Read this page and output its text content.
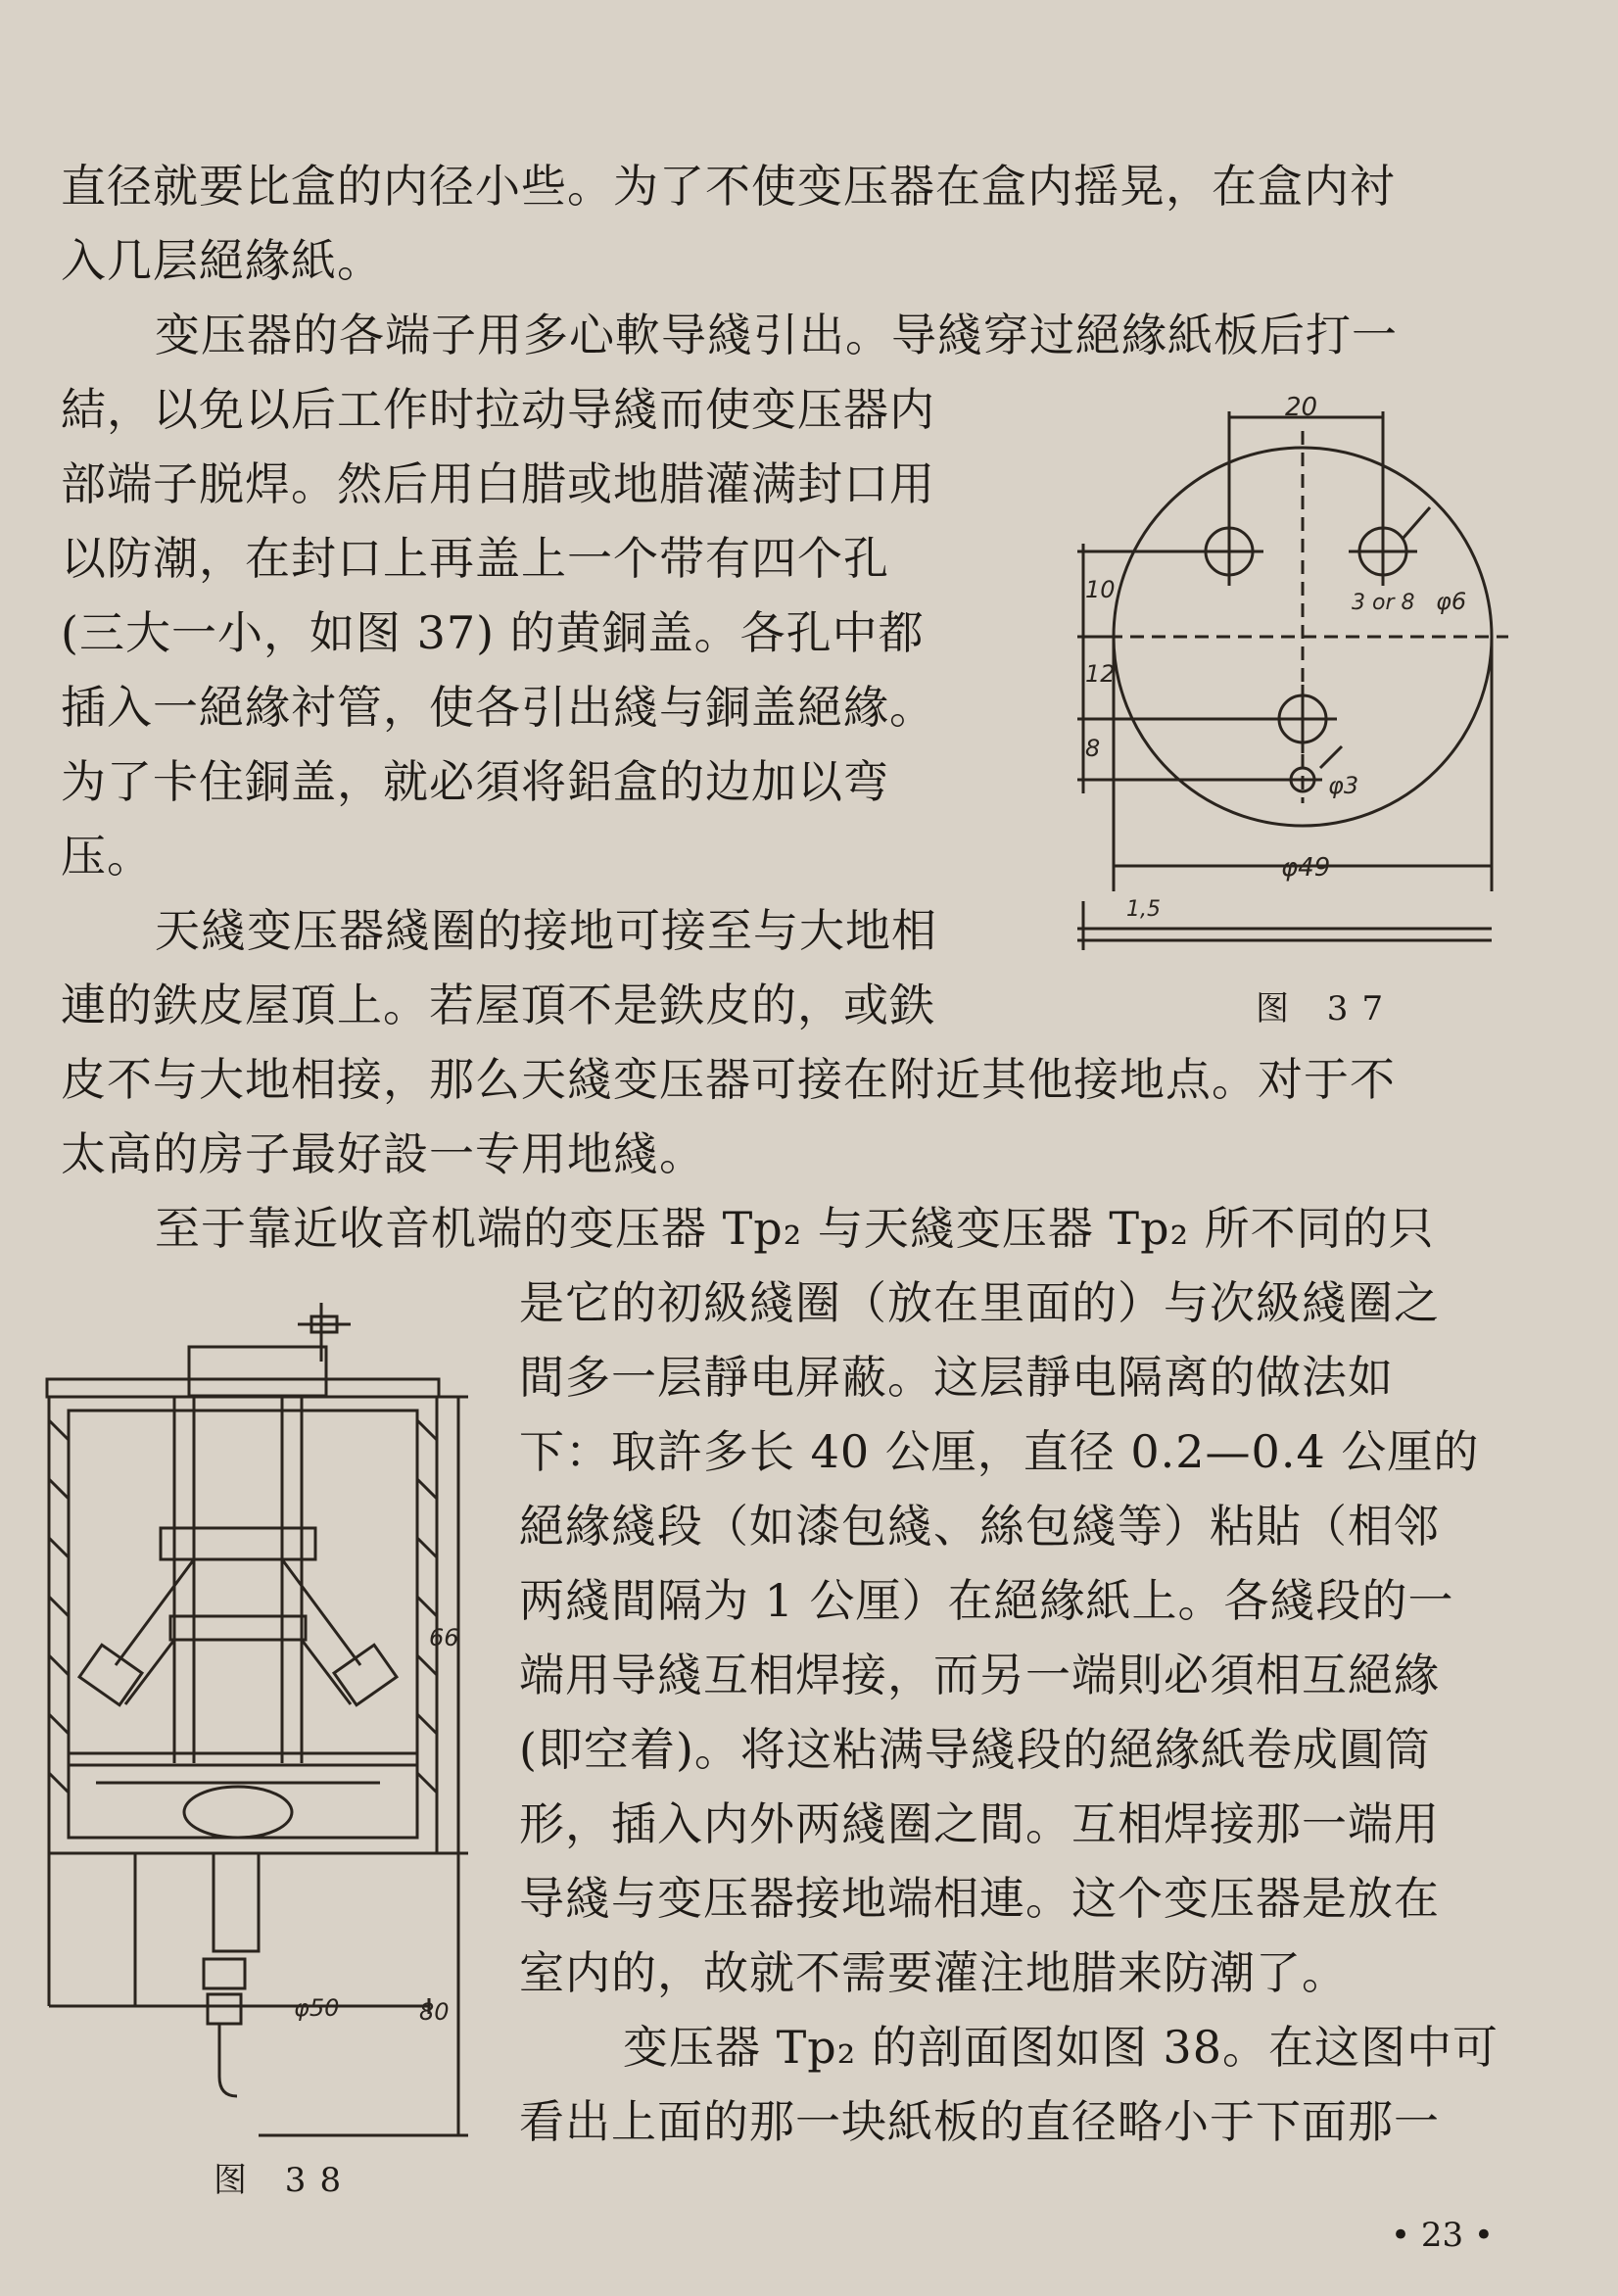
直径就要比盒的内径小些。为了不使变压器在盒内摇晃，在盒内衬
入几层絕緣紙。
变压器的各端子用多心軟导綫引出。导綫穿过絕緣紙板后打一
結，以免以后工作时拉动导綫而使变压器内
部端子脱焊。然后用白腊或地腊灌满封口用
以防潮，在封口上再盖上一个带有四个孔
(三大一小，如图 37) 的黄銅盖。各孔中都
插入一絕緣衬管，使各引出綫与銅盖絕緣。
为了卡住銅盖，就必須将鋁盒的边加以弯
压。
天綫变压器綫圈的接地可接至与大地相
連的鉄皮屋頂上。若屋頂不是鉄皮的，或鉄
皮不与大地相接，那么天綫变压器可接在附近其他接地点。对于不
太高的房子最好設一专用地綫。
至于靠近收音机端的变压器 Tp₂ 与天綫变压器 Tp₂ 所不同的只
是它的初級綫圈（放在里面的）与次級綫圈之
間多一层靜电屏蔽。这层靜电隔离的做法如
下：取許多长 40 公厘，直径 0.2—0.4 公厘的
絕緣綫段（如漆包綫、絲包綫等）粘貼（相邻
两綫間隔为 1 公厘）在絕緣紙上。各綫段的一
端用导綫互相焊接，而另一端則必須相互絕緣
(即空着)。将这粘满导綫段的絕緣紙卷成圓筒
形，插入内外两綫圈之間。互相焊接那一端用
导綫与变压器接地端相連。这个变压器是放在
室内的，故就不需要灌注地腊来防潮了。
变压器 Tp₂ 的剖面图如图 38。在这图中可
看出上面的那一块紙板的直径略小于下面那一
20
10
12
8
3 or 8 φ6
φ3
φ49
1,5
图 37
φ50
66
80
图 38
• 23 •
